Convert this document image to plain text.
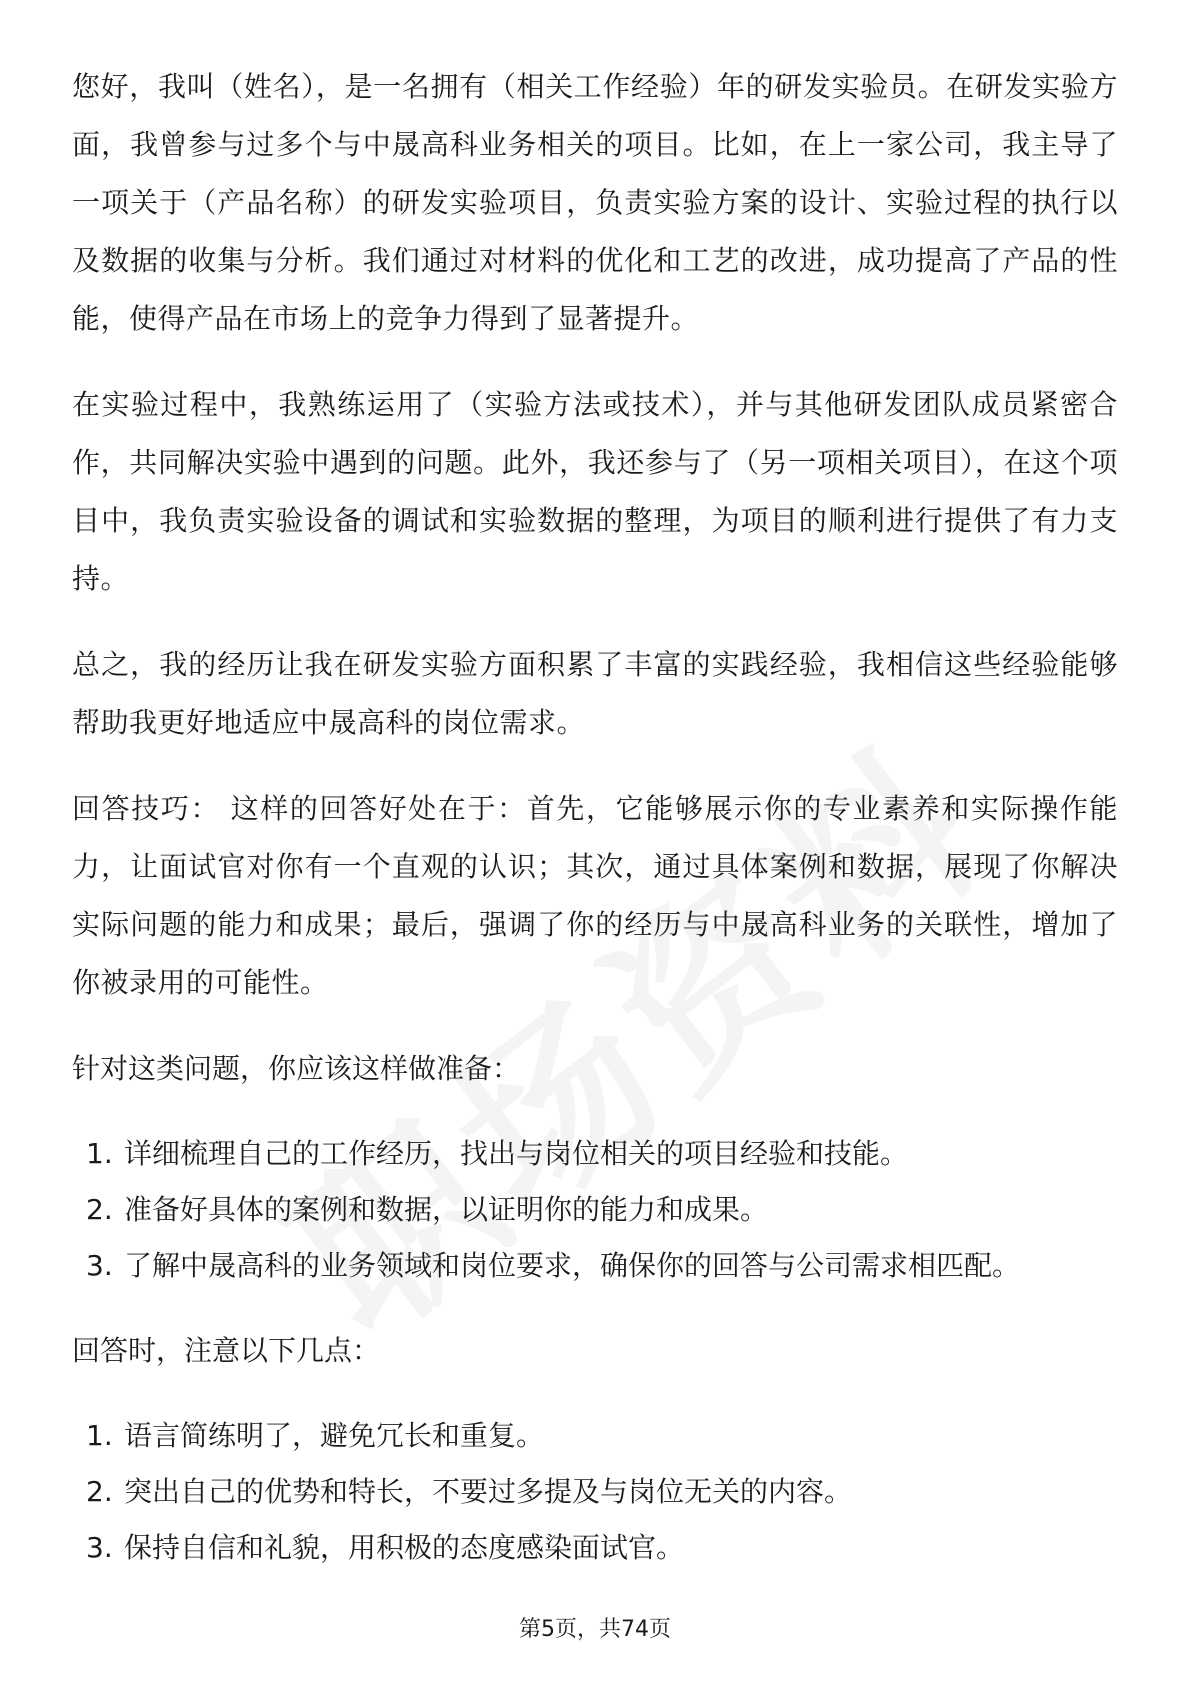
您好，我叫（姓名），是一名拥有（相关工作经验）年的研发实验员。在研发实验方面，我曾参与过多个与中晟高科业务相关的项目。比如，在上一家公司，我主导了一项关于（产品名称）的研发实验项目，负责实验方案的设计、实验过程的执行以及数据的收集与分析。我们通过对材料的优化和工艺的改进，成功提高了产品的性能，使得产品在市场上的竞争力得到了显著提升。

在实验过程中，我熟练运用了（实验方法或技术），并与其他研发团队成员紧密合作，共同解决实验中遇到的问题。此外，我还参与了（另一项相关项目），在这个项目中，我负责实验设备的调试和实验数据的整理，为项目的顺利进行提供了有力支持。

总之，我的经历让我在研发实验方面积累了丰富的实践经验，我相信这些经验能够帮助我更好地适应中晟高科的岗位需求。

回答技巧： 这样的回答好处在于：首先，它能够展示你的专业素养和实际操作能力，让面试官对你有一个直观的认识；其次，通过具体案例和数据，展现了你解决实际问题的能力和成果；最后，强调了你的经历与中晟高科业务的关联性，增加了你被录用的可能性。

针对这类问题，你应该这样做准备：
1. 详细梳理自己的工作经历，找出与岗位相关的项目经验和技能。
2. 准备好具体的案例和数据，以证明你的能力和成果。
3. 了解中晟高科的业务领域和岗位要求，确保你的回答与公司需求相匹配。
回答时，注意以下几点：
1. 语言简练明了，避免冗长和重复。
2. 突出自己的优势和特长，不要过多提及与岗位无关的内容。
3. 保持自信和礼貌，用积极的态度感染面试官。
第5页，共74页
